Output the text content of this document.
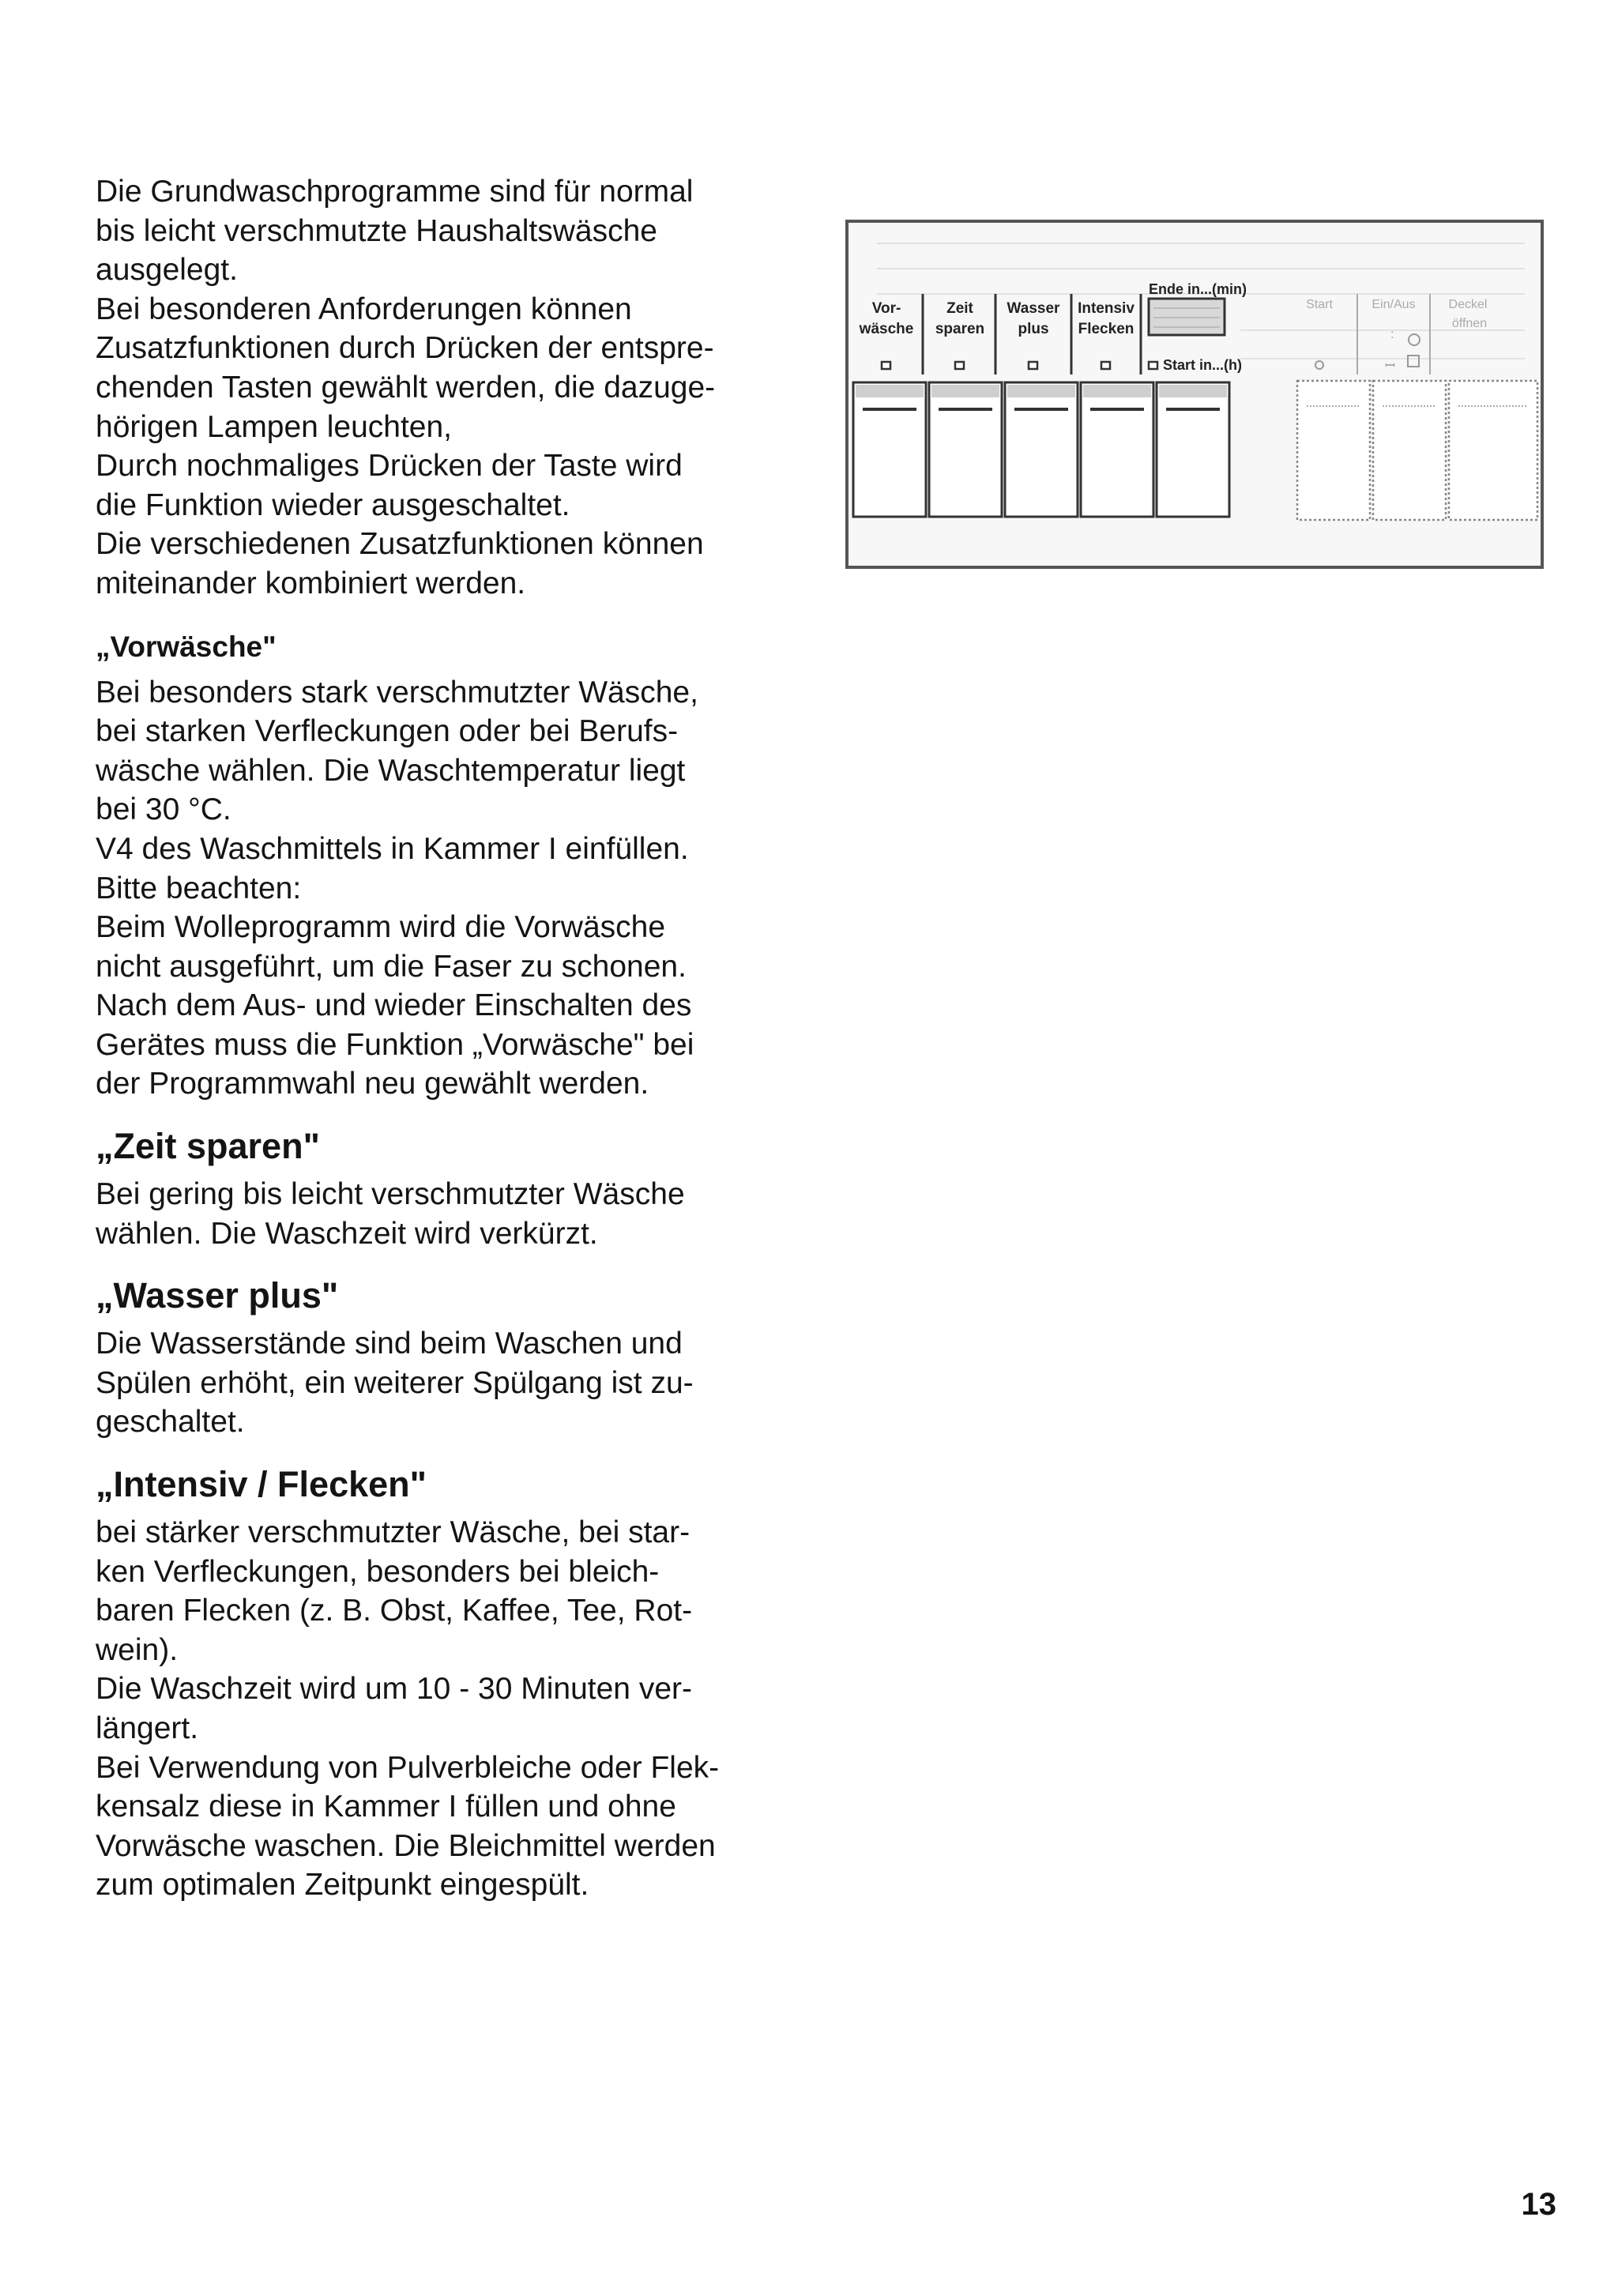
Die Grundwaschprogramme sind für normal
bis leicht verschmutzte Haushaltswäsche
ausgelegt.
Bei besonderen Anforderungen können
Zusatzfunktionen durch Drücken der entspre-
chenden Tasten gewählt werden, die dazuge-
hörigen Lampen leuchten,
Durch nochmaliges Drücken der Taste wird
die Funktion wieder ausgeschaltet.
Die verschiedenen Zusatzfunktionen können
miteinander kombiniert werden.

„Vorwäsche"

Bei besonders stark verschmutzter Wäsche,
bei starken Verfleckungen oder bei Berufs-
wäsche wählen. Die Waschtemperatur liegt
bei 30 °C.
V4 des Waschmittels in Kammer I einfüllen.
Bitte beachten:
Beim Wolleprogramm wird die Vorwäsche
nicht ausgeführt, um die Faser zu schonen.
Nach dem Aus- und wieder Einschalten des
Gerätes muss die Funktion „Vorwäsche" bei
der Programmwahl neu gewählt werden.

„Zeit sparen"

Bei gering bis leicht verschmutzter Wäsche
wählen. Die Waschzeit wird verkürzt.

„Wasser plus"

Die Wasserstände sind beim Waschen und
Spülen erhöht, ein weiterer Spülgang ist zu-
geschaltet.

„Intensiv / Flecken"

bei stärker verschmutzter Wäsche, bei star-
ken Verfleckungen, besonders bei bleich-
baren Flecken (z. B. Obst, Kaffee, Tee, Rot-
wein).
Die Waschzeit wird um 10 - 30 Minuten ver-
längert.
Bei Verwendung von Pulverbleiche oder Flek-
kensalz diese in Kammer I füllen und ohne
Vorwäsche waschen. Die Bleichmittel werden
zum optimalen Zeitpunkt eingespült.

Vor-
wäsche
Zeit
sparen
Wasser
plus
Intensiv
Flecken
Ende in...(min)
Start in...(h)
Start	Ein/Aus	Deckel
öffnen
:
ꟷ
13
